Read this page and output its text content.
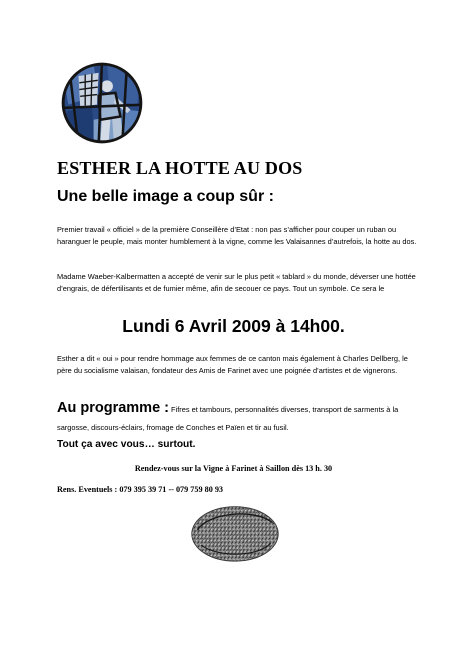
ESTHER LA HOTTE AU DOS
Une belle image a coup sûr :
Premier travail « officiel » de la première Conseillère d’Etat : non pas s’afficher pour couper un ruban ou haranguer le peuple, mais monter humblement à la vigne, comme les Valaisannes d’autrefois, la hotte au dos.
Madame Waeber-Kalbermatten a accepté de venir sur le plus petit « tablard » du monde, déverser une hottée d’engrais, de défertilisants et de fumier même, afin de secouer ce pays. Tout un symbole. Ce sera le
Lundi 6 Avril 2009 à 14h00.
Esther a dit « oui » pour rendre hommage aux femmes de ce canton mais également à Charles Dellberg, le père du socialisme valaisan, fondateur des Amis de Farinet avec une poignée d’artistes et de vignerons.
Au programme : Fifres et tambours, personnalités diverses, transport de sarments à la sargosse, discours-éclairs, fromage de Conches et Païen et tir au fusil.
Tout ça avec vous… surtout.
Rendez-vous sur la Vigne à Farinet à Saillon dès 13 h. 30
Rens. Eventuels : 079 395 39 71 -- 079 759 80 93
